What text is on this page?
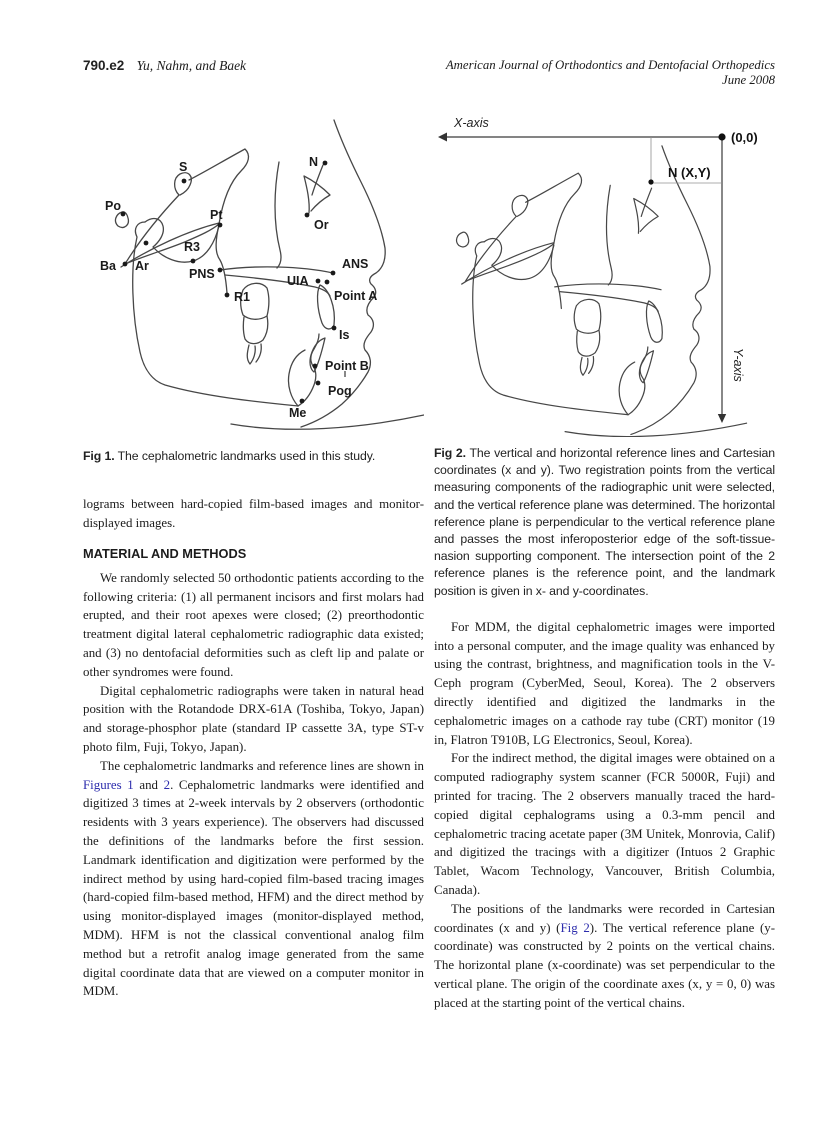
790.e2 Yu, Nahm, and Baek	American Journal of Orthodontics and Dentofacial Orthopedics
June 2008
S	N
Po
Pt
Or
R3
Ba Ar
PNS
ANS
UIA
Point A
R1
Is
Point B
Pog
Me

Fig 1. The cephalometric landmarks used in this study.

lograms between hard-copied film-based images and monitor-displayed images.

MATERIAL AND METHODS

We randomly selected 50 orthodontic patients according to the following criteria: (1) all permanent incisors and first molars had erupted, and their root apexes were closed; (2) preorthodontic treatment digital lateral cephalometric radiographic data existed; and (3) no dentofacial deformities such as cleft lip and palate or other syndromes were found.

Digital cephalometric radiographs were taken in natural head position with the Rotandode DRX-61A (Toshiba, Tokyo, Japan) and storage-phosphor plate (standard IP cassette 3A, type ST-v photo film, Fuji, Tokyo, Japan).

The cephalometric landmarks and reference lines are shown in Figures 1 and 2. Cephalometric landmarks were identified and digitized 3 times at 2-week intervals by 2 observers (orthodontic residents with 3 years experience). The observers had discussed the definitions of the landmarks before the first session. Landmark identification and digitization were performed by the indirect method by using hard-copied film-based tracing images (hard-copied film-based method, HFM) and the direct method by using monitor-displayed images (monitor-displayed method, MDM). HFM is not the classical conventional analog film method but a retrofit analog image generated from the same digital coordinate data that are viewed on a computer monitor in MDM.

X-axis
(0,0)
N (X,Y)
Y-axis

Fig 2. The vertical and horizontal reference lines and Cartesian coordinates (x and y). Two registration points from the vertical measuring components of the radiographic unit were selected, and the vertical reference plane was determined. The horizontal reference plane is perpendicular to the vertical reference plane and passes the most inferoposterior edge of the soft-tissue-nasion supporting component. The intersection point of the 2 reference planes is the reference point, and the landmark position is given in x- and y-coordinates.

For MDM, the digital cephalometric images were imported into a personal computer, and the image quality was enhanced by using the contrast, brightness, and magnification tools in the V-Ceph program (CyberMed, Seoul, Korea). The 2 observers directly identified and digitized the landmarks in the cephalometric images on a cathode ray tube (CRT) monitor (19 in, Flatron T910B, LG Electronics, Seoul, Korea).

For the indirect method, the digital images were obtained on a computed radiography system scanner (FCR 5000R, Fuji) and printed for tracing. The 2 observers manually traced the hard-copied digital cephalograms using a 0.3-mm pencil and cephalometric tracing acetate paper (3M Unitek, Monrovia, Calif) and digitized the tracings with a digitizer (Intuos 2 Graphic Tablet, Wacom Technology, Vancouver, British Columbia, Canada).

The positions of the landmarks were recorded in Cartesian coordinates (x and y) (Fig 2). The vertical reference plane (y-coordinate) was constructed by 2 points on the vertical chains. The horizontal plane (x-coordinate) was set perpendicular to the vertical plane. The origin of the coordinate axes (x, y = 0, 0) was placed at the starting point of the vertical chains.
